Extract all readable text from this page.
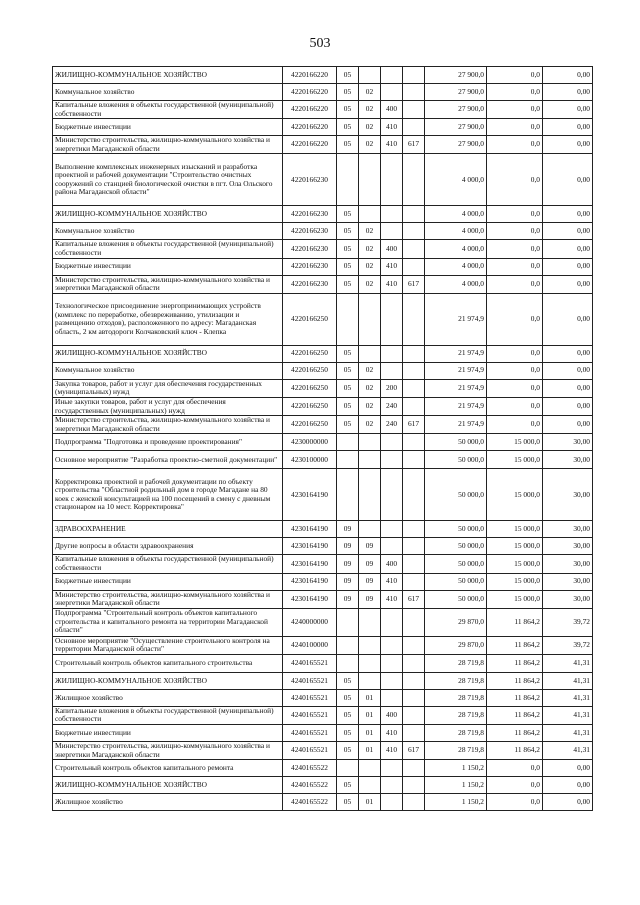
503
ЖИЛИЩНО-КОММУНАЛЬНОЕ ХОЗЯЙСТВО	4220166220	05				27 900,0	0,0	0,00
Коммунальное хозяйство	4220166220	05	02			27 900,0	0,0	0,00
Капитальные вложения в объекты государственной (муниципальной) собственности	4220166220	05	02	400		27 900,0	0,0	0,00
Бюджетные инвестиции	4220166220	05	02	410		27 900,0	0,0	0,00
Министерство строительства, жилищно-коммунального хозяйства и энергетики Магаданской области	4220166220	05	02	410	617	27 900,0	0,0	0,00
Выполнение комплексных инженерных изысканий и разработка проектной и рабочей документации "Строительство очистных сооружений со станцией биологической очистки в пгт. Ола Ольского района Магаданской области"	4220166230					4 000,0	0,0	0,00
ЖИЛИЩНО-КОММУНАЛЬНОЕ ХОЗЯЙСТВО	4220166230	05				4 000,0	0,0	0,00
Коммунальное хозяйство	4220166230	05	02			4 000,0	0,0	0,00
Капитальные вложения в объекты государственной (муниципальной) собственности	4220166230	05	02	400		4 000,0	0,0	0,00
Бюджетные инвестиции	4220166230	05	02	410		4 000,0	0,0	0,00
Министерство строительства, жилищно-коммунального хозяйства и энергетики Магаданской области	4220166230	05	02	410	617	4 000,0	0,0	0,00
Технологическое присоединение энергопринимающих устройств (комплекс по переработке, обезвреживанию, утилизации и размещению отходов), расположенного по адресу: Магаданская область, 2 км автодороги Колчаковский ключ - Клепка	4220166250					21 974,9	0,0	0,00
ЖИЛИЩНО-КОММУНАЛЬНОЕ ХОЗЯЙСТВО	4220166250	05				21 974,9	0,0	0,00
Коммунальное хозяйство	4220166250	05	02			21 974,9	0,0	0,00
Закупка товаров, работ и услуг для обеспечения государственных (муниципальных) нужд	4220166250	05	02	200		21 974,9	0,0	0,00
Иные закупки товаров, работ и услуг для обеспечения государственных (муниципальных) нужд	4220166250	05	02	240		21 974,9	0,0	0,00
Министерство строительства, жилищно-коммунального хозяйства и энергетики Магаданской области	4220166250	05	02	240	617	21 974,9	0,0	0,00
Подпрограмма "Подготовка и проведение проектирования"	4230000000					50 000,0	15 000,0	30,00
Основное мероприятие "Разработка проектно-сметной документации"	4230100000					50 000,0	15 000,0	30,00
Корректировка проектной и рабочей документации по объекту строительства "Областной родильный дом в городе Магадане на 80 коек с женской консультацией на 100 посещений в смену с дневным стационаром на 10 мест. Корректировка"	4230164190					50 000,0	15 000,0	30,00
ЗДРАВООХРАНЕНИЕ	4230164190	09				50 000,0	15 000,0	30,00
Другие вопросы в области здравоохранения	4230164190	09	09			50 000,0	15 000,0	30,00
Капитальные вложения в объекты государственной (муниципальной) собственности	4230164190	09	09	400		50 000,0	15 000,0	30,00
Бюджетные инвестиции	4230164190	09	09	410		50 000,0	15 000,0	30,00
Министерство строительства, жилищно-коммунального хозяйства и энергетики Магаданской области	4230164190	09	09	410	617	50 000,0	15 000,0	30,00
Подпрограмма "Строительный контроль объектов капитального строительства и капитального ремонта на территории Магаданской области"	4240000000					29 870,0	11 864,2	39,72
Основное мероприятие "Осуществление строительного контроля на территории Магаданской области"	4240100000					29 870,0	11 864,2	39,72
Строительный контроль объектов капитального строительства	4240165521					28 719,8	11 864,2	41,31
ЖИЛИЩНО-КОММУНАЛЬНОЕ ХОЗЯЙСТВО	4240165521	05				28 719,8	11 864,2	41,31
Жилищное хозяйство	4240165521	05	01			28 719,8	11 864,2	41,31
Капитальные вложения в объекты государственной (муниципальной) собственности	4240165521	05	01	400		28 719,8	11 864,2	41,31
Бюджетные инвестиции	4240165521	05	01	410		28 719,8	11 864,2	41,31
Министерство строительства, жилищно-коммунального хозяйства и энергетики Магаданской области	4240165521	05	01	410	617	28 719,8	11 864,2	41,31
Строительный контроль объектов капитального ремонта	4240165522					1 150,2	0,0	0,00
ЖИЛИЩНО-КОММУНАЛЬНОЕ ХОЗЯЙСТВО	4240165522	05				1 150,2	0,0	0,00
Жилищное хозяйство	4240165522	05	01			1 150,2	0,0	0,00
